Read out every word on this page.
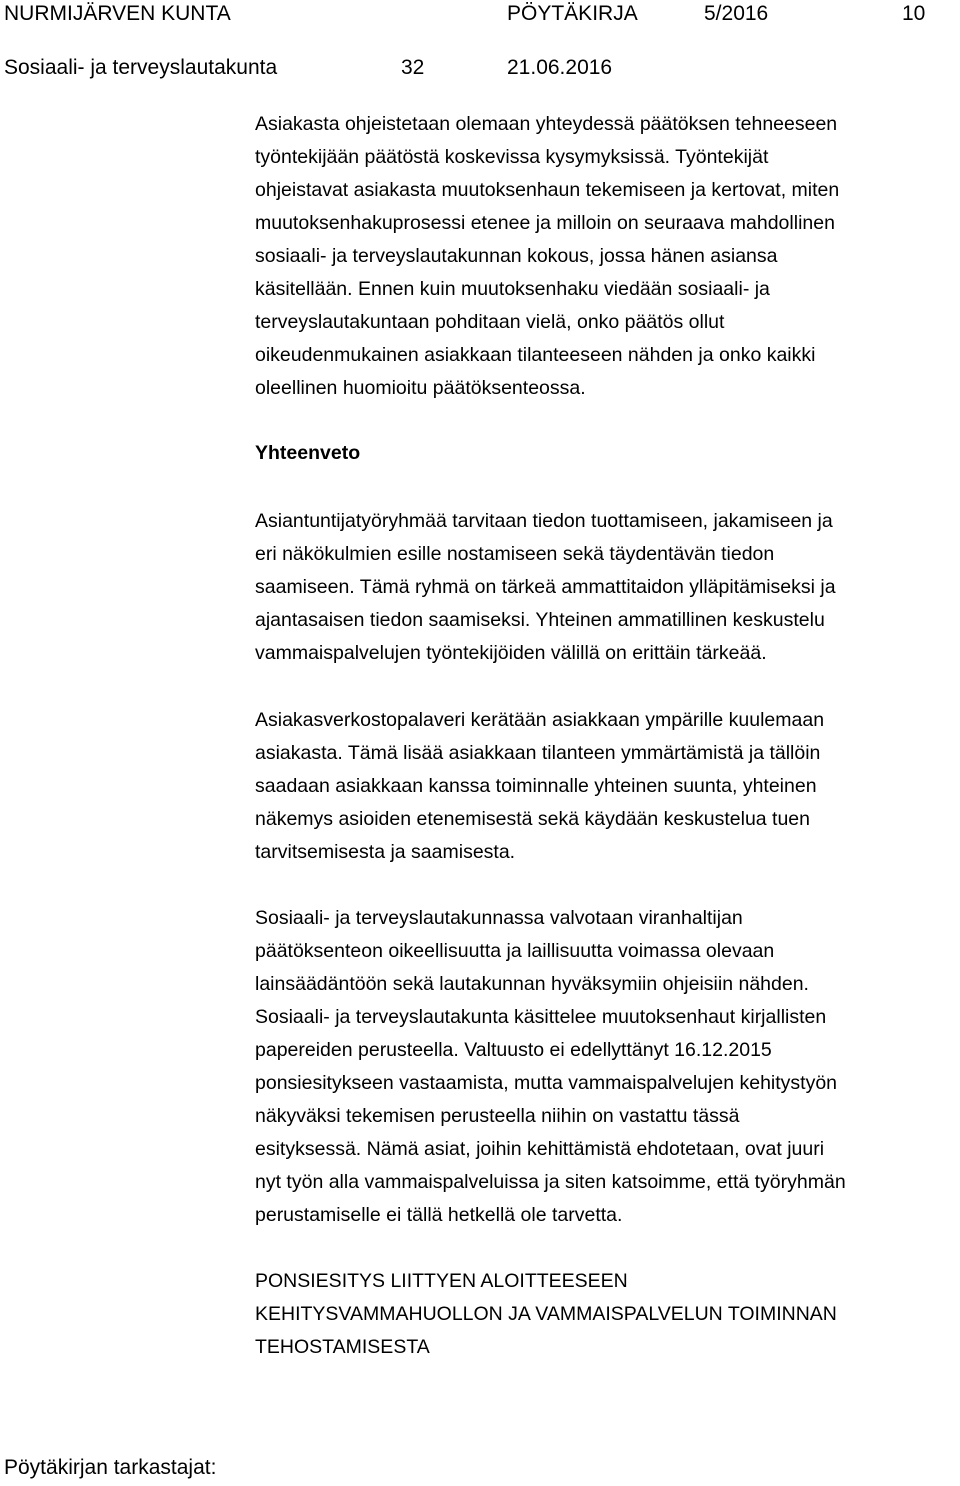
NURMIJÄRVEN KUNTA	PÖYTÄKIRJA	5/2016	10
Sosiaali- ja terveyslautakunta	32	21.06.2016

Asiakasta ohjeistetaan olemaan yhteydessä päätöksen tehneeseen

työntekijään päätöstä koskevissa kysymyksissä. Työntekijät

ohjeistavat asiakasta muutoksenhaun tekemiseen ja kertovat, miten

muutoksenhakuprosessi etenee ja milloin on seuraava mahdollinen

sosiaali- ja terveyslautakunnan kokous, jossa hänen asiansa

käsitellään. Ennen kuin muutoksenhaku viedään sosiaali- ja

terveyslautakuntaan pohditaan vielä, onko päätös ollut

oikeudenmukainen asiakkaan tilanteeseen nähden ja onko kaikki

oleellinen huomioitu päätöksenteossa.

Yhteenveto

Asiantuntijatyöryhmää tarvitaan tiedon tuottamiseen, jakamiseen ja

eri näkökulmien esille nostamiseen sekä täydentävän tiedon

saamiseen. Tämä ryhmä on tärkeä ammattitaidon ylläpitämiseksi ja

ajantasaisen tiedon saamiseksi. Yhteinen ammatillinen keskustelu

vammaispalvelujen työntekijöiden välillä on erittäin tärkeää.

Asiakasverkostopalaveri kerätään asiakkaan ympärille kuulemaan

asiakasta. Tämä lisää asiakkaan tilanteen ymmärtämistä ja tällöin

saadaan asiakkaan kanssa toiminnalle yhteinen suunta, yhteinen

näkemys asioiden etenemisestä sekä käydään keskustelua tuen

tarvitsemisesta ja saamisesta.

Sosiaali- ja terveyslautakunnassa valvotaan viranhaltijan

päätöksenteon oikeellisuutta ja laillisuutta voimassa olevaan

lainsäädäntöön sekä lautakunnan hyväksymiin ohjeisiin nähden.

Sosiaali- ja terveyslautakunta käsittelee muutoksenhaut kirjallisten

papereiden perusteella. Valtuusto ei edellyttänyt 16.12.2015

ponsiesitykseen vastaamista, mutta vammaispalvelujen kehitystyön

näkyväksi tekemisen perusteella niihin on vastattu tässä

esityksessä. Nämä asiat, joihin kehittämistä ehdotetaan, ovat juuri

nyt työn alla vammaispalveluissa ja siten katsoimme, että työryhmän

perustamiselle ei tällä hetkellä ole tarvetta.

PONSIESITYS LIITTYEN ALOITTEESEEN

KEHITYSVAMMAHUOLLON JA VAMMAISPALVELUN TOIMINNAN

TEHOSTAMISESTA

Pöytäkirjan tarkastajat:
